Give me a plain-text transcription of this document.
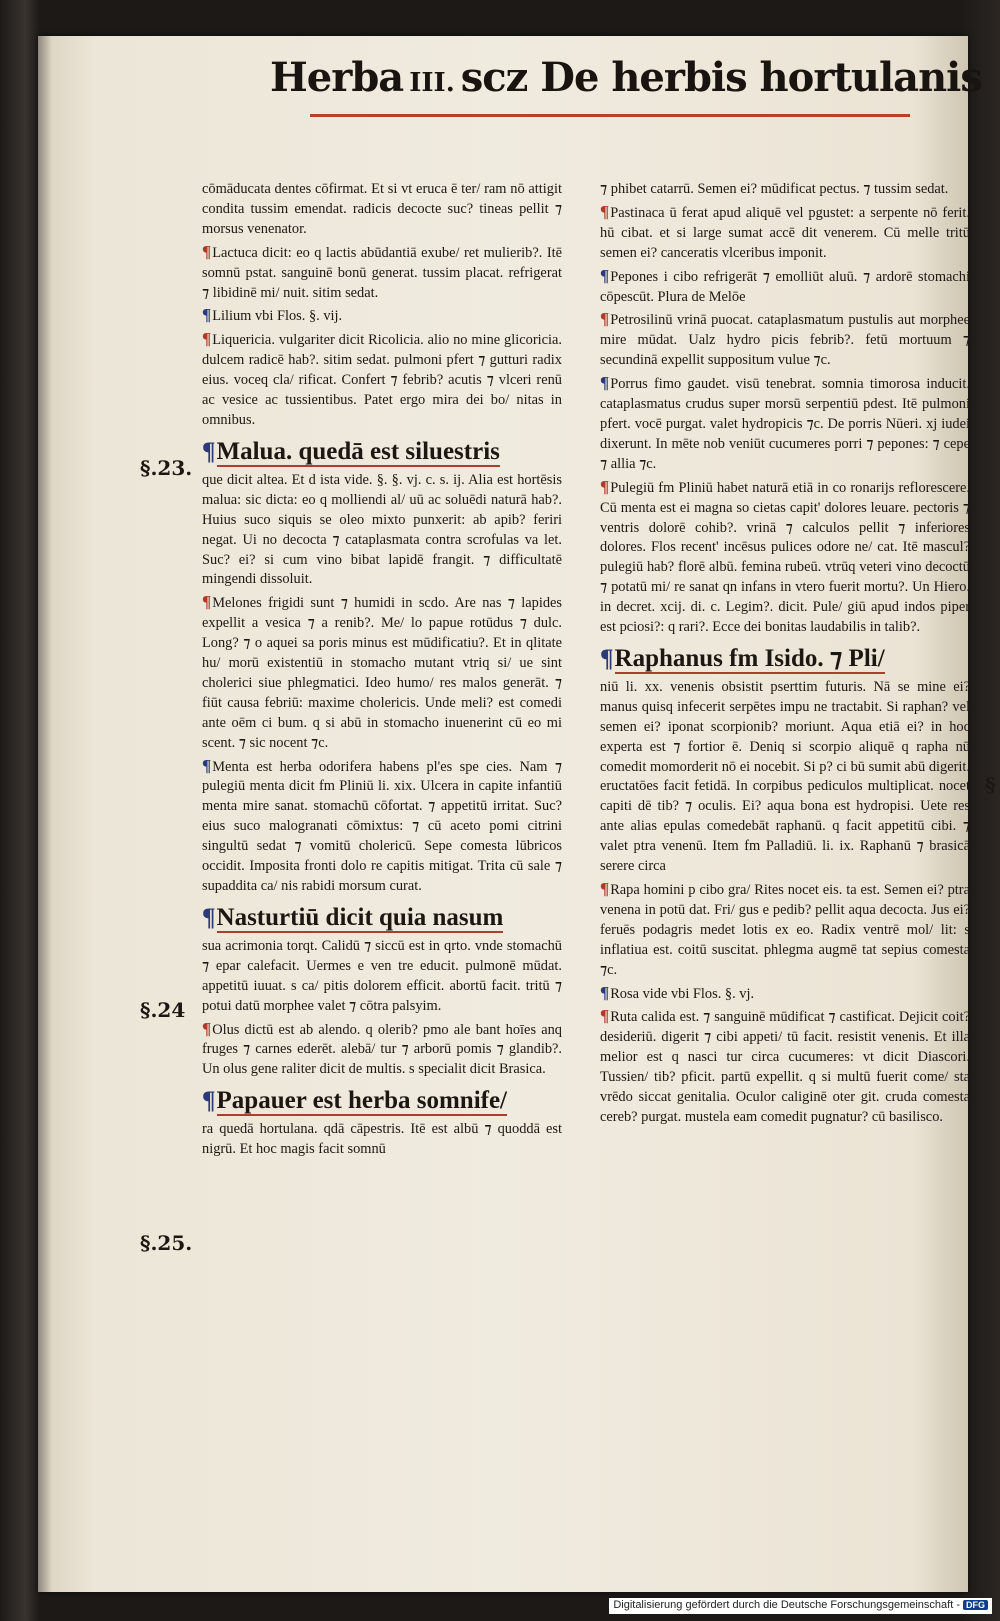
Herba III. scz De herbis hortulanis
§.23.
§.24
§.25.
§

cōmāducata dentes cōfirmat. Et si vt eruca ē ter/ ram nō attigit condita tussim emendat. radicis decocte suc? tineas pellit ⁊ morsus venenator.

¶Lactuca dicit: eo q lactis abūdantiā exube/ ret mulierib?. Itē somnū pstat. sanguinē bonū generat. tussim placat. refrigerat ⁊ libidinē mi/ nuit. sitim sedat.

¶Lilium vbi Flos. §. vij.

¶Liquericia. vulgariter dicit Ricolicia. alio no mine glicoricia. dulcem radicē hab?. sitim sedat. pulmoni pfert ⁊ gutturi radix eius. voceq cla/ rificat. Confert ⁊ febrib? acutis ⁊ vlceri renū ac vesice ac tussientibus. Patet ergo mira dei bo/ nitas in omnibus.

¶Malua. quedā est siluestris

que dicit altea. Et d ista vide. §. §. vj. c. s. ij. Alia est hortēsis malua: sic dicta: eo q molliendi al/ uū ac soluēdi naturā hab?. Huius suco siquis se oleo mixto punxerit: ab apib? feriri negat. Ui no decocta ⁊ cataplasmata contra scrofulas va let. Suc? ei? si cum vino bibat lapidē frangit. ⁊ difficultatē mingendi dissoluit.

¶Melones frigidi sunt ⁊ humidi in scdo. Are nas ⁊ lapides expellit a vesica ⁊ a renib?. Me/ lo papue rotūdus ⁊ dulc. Long? ⁊ o aquei sa poris minus est mūdificatiu?. Et in qlitate hu/ morū existentiū in stomacho mutant vtriq si/ ue sint cholerici siue phlegmatici. Ideo humo/ res malos generāt. ⁊ fiūt causa febriū: maxime cholericis. Unde meli? est comedi ante oēm ci bum. q si abū in stomacho inuenerint cū eo mi scent. ⁊ sic nocent ⁊c.

¶Menta est herba odorifera habens pl'es spe cies. Nam ⁊ pulegiū menta dicit fm Pliniū li. xix. Ulcera in capite infantiū menta mire sanat. stomachū cōfortat. ⁊ appetitū irritat. Suc? eius suco malogranati cōmixtus: ⁊ cū aceto pomi citrini singultū sedat ⁊ vomitū cholericū. Sepe comesta lūbricos occidit. Imposita fronti dolo re capitis mitigat. Trita cū sale ⁊ supaddita ca/ nis rabidi morsum curat.

¶Nasturtiū dicit quia nasum

sua acrimonia torqt. Calidū ⁊ siccū est in qrto. vnde stomachū ⁊ epar calefacit. Uermes e ven tre educit. pulmonē mūdat. appetitū iuuat. s ca/ pitis dolorem efficit. abortū facit. tritū ⁊ potui datū morphee valet ⁊ cōtra palsyim.

¶Olus dictū est ab alendo. q olerib? pmo ale bant hoīes anq fruges ⁊ carnes ederēt. alebā/ tur ⁊ arborū pomis ⁊ glandib?. Un olus gene raliter dicit de multis. s specialit dicit Brasica.

¶Papauer est herba somnife/

ra quedā hortulana. qdā cāpestris. Itē est albū ⁊ quoddā est nigrū. Et hoc magis facit somnū

⁊ phibet catarrū. Semen ei? mūdificat pectus. ⁊ tussim sedat.

¶Pastinaca ū ferat apud aliquē vel pgustet: a serpente nō ferit. hū cibat. et si large sumat accē dit venerem. Cū melle tritū semen ei? canceratis vlceribus imponit.

¶Pepones i cibo refrigerāt ⁊ emolliūt aluū. ⁊ ardorē stomachi cōpescūt. Plura de Melōe

¶Petrosilinū vrinā puocat. cataplasmatum pustulis aut morphee mire mūdat. Ualz hydro picis febrib?. fetū mortuum ⁊ secundinā expellit suppositum vulue ⁊c.

¶Porrus fimo gaudet. visū tenebrat. somnia timorosa inducit. cataplasmatus crudus super morsū serpentiū pdest. Itē pulmoni pfert. vocē purgat. valet hydropicis ⁊c. De porris Nūeri. xj iudei dixerunt. In mēte nob veniūt cucumeres porri ⁊ pepones: ⁊ cepe ⁊ allia ⁊c.

¶Pulegiū fm Pliniū habet naturā etiā in co ronarijs reflorescere. Cū menta est ei magna so cietas capit' dolores leuare. pectoris ⁊ ventris dolorē cohib?. vrinā ⁊ calculos pellit ⁊ inferiores dolores. Flos recent' incēsus pulices odore ne/ cat. Itē mascul? pulegiū hab? florē albū. femina rubeū. vtrūq veteri vino decoctū ⁊ potatū mi/ re sanat qn infans in vtero fuerit mortu?. Un Hiero. in decret. xcij. di. c. Legim?. dicit. Pule/ giū apud indos piper est pciosi?: q rari?. Ecce dei bonitas laudabilis in talib?.

¶Raphanus fm Isido. ⁊ Pli/

niū li. xx. venenis obsistit pserttim futuris. Nā se mine ei? manus quisq infecerit serpētes impu ne tractabit. Si raphan? vel semen ei? iponat scorpionib? moriunt. Aqua etiā ei? in hoc experta est ⁊ fortior ē. Deniq si scorpio aliquē q rapha nū comedit momorderit nō ei nocebit. Si p? ci bū sumit abū digerit. eructatōes facit fetidā. In corpibus pediculos multiplicat. nocet capiti dē tib? ⁊ oculis. Ei? aqua bona est hydropisi. Uete res ante alias epulas comedebāt raphanū. q facit appetitū cibi. ⁊ valet ptra venenū. Item fm Palladiū. li. ix. Raphanū ⁊ brasicā serere circa

¶Rapa homini p cibo gra/ Rites nocet eis. ta est. Semen ei? ptra venena in potū dat. Fri/ gus e pedib? pellit aqua decocta. Jus ei? feruēs podagris medet lotis ex eo. Radix ventrē mol/ lit: s inflatiua est. coitū suscitat. phlegma augmē tat sepius comesta ⁊c.

¶Rosa vide vbi Flos. §. vj.

¶Ruta calida est. ⁊ sanguinē mūdificat ⁊ castificat. Dejicit coit? desideriū. digerit ⁊ cibi appeti/ tū facit. resistit venenis. Et illa melior est q nasci tur circa cucumeres: vt dicit Diascori. Tussien/ tib? pficit. partū expellit. q si multū fuerit come/ sta vrēdo siccat genitalia. Oculor caliginē oter git. cruda comesta cereb? purgat. mustela eam comedit pugnatur? cū basilisco.

Digitalisierung gefördert durch die Deutsche Forschungsgemeinschaft - DFG
